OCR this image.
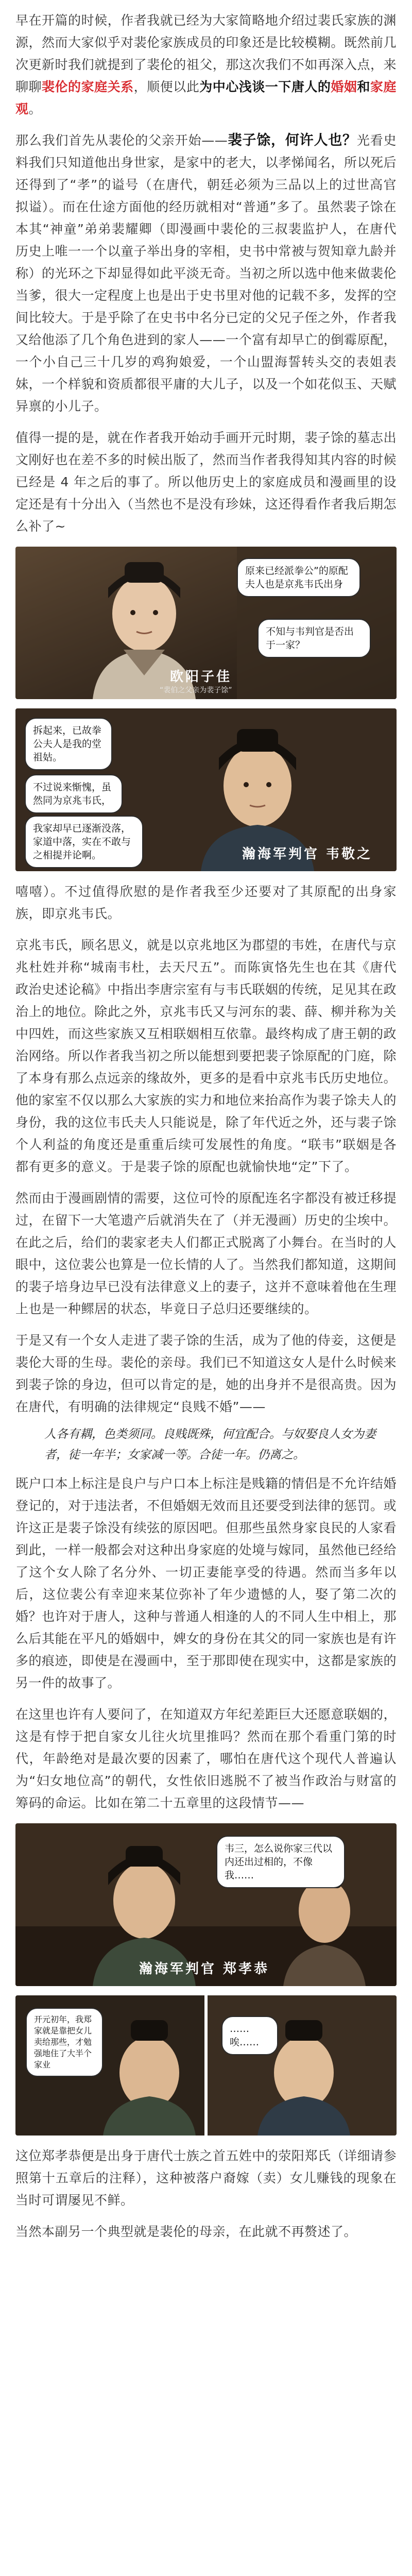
早在开篇的时候，作者我就已经为大家简略地介绍过裴氏家族的渊源，然而大家似乎对裴伦家族成员的印象还是比较模糊。既然前几次更新时我们就提到了裴伦的祖父，那这次我们不如再深入点，来聊聊裴伦的家庭关系，顺便以此为中心浅谈一下唐人的婚姻和家庭观。

那么我们首先从裴伦的父亲开始——裴子馀，何许人也？光看史料我们只知道他出身世家，是家中的老大，以孝悌闻名，所以死后还得到了“孝”的谥号（在唐代，朝廷必须为三品以上的过世高官拟谥）。而在仕途方面他的经历就相对“普通”多了。虽然裴子馀在本其“神童”弟弟裴耀卿（即漫画中裴伦的三叔裴监护人，在唐代历史上唯一一个以童子举出身的宰相，史书中常被与贺知章九龄并称）的光环之下却显得如此平淡无奇。当初之所以选中他来做裴伦当爹，很大一定程度上也是出于史书里对他的记载不多，发挥的空间比较大。于是乎除了在史书中名分已定的父兄子侄之外，作者我又给他添了几个角色进到的家人——一个富有却早亡的倒霉原配，一个小自己三十几岁的鸡狗娘爱，一个山盟海誓转头交的表姐表妹，一个样貌和资质都很平庸的大儿子，以及一个如花似玉、天赋异禀的小儿子。

值得一提的是，就在作者我开始动手画开元时期，裴子馀的墓志出文刚好也在差不多的时候出版了，然而当作者我得知其内容的时候已经是 4 年之后的事了。所以他历史上的家庭成员和漫画里的设定还是有十分出入（当然也不是没有珍妹，这还得看作者我后期怎么补了~

原来已经派拳公”的原配夫人也是京兆韦氏出身
不知与韦判官是否出于一家？
欧阳子佳
“裴伯之父亲为裴子馀”
拆起来，已故拳公夫人是我的堂祖姑。
不过说来惭愧，虽然同为京兆韦氏，
我家却早已逐渐没落，家道中落，实在不敢与之相提并论啊。	瀚海军判官 韦敬之

嘻嘻）。不过值得欣慰的是作者我至少还要对了其原配的出身家族，即京兆韦氏。

京兆韦氏，顾名思义，就是以京兆地区为郡望的韦姓，在唐代与京兆杜姓并称“城南韦杜，去天尺五”。而陈寅恪先生也在其《唐代政治史述论稿》中指出李唐宗室有与韦氏联姻的传统，足见其在政治上的地位。除此之外，京兆韦氏又与河东的裴、薛、柳并称为关中四姓，而这些家族又互相联姻相互依靠。最终构成了唐王朝的政治网络。所以作者我当初之所以能想到要把裴子馀原配的门庭，除了本身有那么点远亲的缘故外，更多的是看中京兆韦氏历史地位。他的家室不仅以那么大家族的实力和地位来抬高作为裴子馀夫人的身份，我的这位韦氏夫人只能说是，除了年代近之外，还与裴子馀个人利益的角度还是重重后续可发展性的角度。“联韦”联姻是各都有更多的意义。于是裴子馀的原配也就愉快地“定”下了。

然而由于漫画剧情的需要，这位可怜的原配连名字都没有被迁移提过，在留下一大笔遗产后就消失在了（并无漫画）历史的尘埃中。在此之后，给们的裴家老夫人们都正式脱离了小舞台。在当时的人眼中，这位裴公也算是一位长情的人了。当然我们都知道，这期间的裴子培身边早已没有法律意义上的妻子，这并不意味着他在生理上也是一种鳏居的状态，毕竟日子总归还要继续的。

于是又有一个女人走进了裴子馀的生活，成为了他的侍妾，这便是裴伦大哥的生母。裴伦的亲母。我们已不知道这女人是什么时候来到裴子馀的身边，但可以肯定的是，她的出身并不是很高贵。因为在唐代，有明确的法律规定“良贱不婚”——

人各有耦，色类须同。良贱既殊，何宜配合。与奴娶良人女为妻

者，徒一年半；女家减一等。合徒一年。仍离之。

既户口本上标注是良户与户口本上标注是贱籍的情侣是不允许结婚登记的，对于违法者，不但婚姻无效而且还要受到法律的惩罚。或许这正是裴子馀没有续弦的原因吧。但那些虽然身家良民的人家看到此，一样一般都会对这种出身家庭的处境与嫁同，虽然他已经给了这个女人除了名分外、一切正妻能享受的待遇。然而当多年以后，这位裴公有幸迎来某位弥补了年少遗憾的人，娶了第二次的婚？也许对于唐人，这种与普通人相逢的人的不同人生中相上，那么后其能在平凡的婚姻中，婢女的身份在其父的同一家族也是有许多的痕迹，即使是在漫画中，至于那即使在现实中，这都是家族的另一件的故事了。

在这里也许有人要问了，在知道双方年纪差距巨大还愿意联姻的，这是有悖于把自家女儿往火坑里推吗？然而在那个看重门第的时代，年龄绝对是最次要的因素了，哪怕在唐代这个现代人普遍认为“妇女地位高”的朝代，女性依旧逃脱不了被当作政治与财富的筹码的命运。比如在第二十五章里的这段情节——

韦三，怎么说你家三代以内还出过相的，不像我……
瀚海军判官 郑孝恭
开元初年，我郑家就是靠把女儿卖给那些，才勉强地住了大半个家业
……唉……

这位郑孝恭便是出身于唐代士族之首五姓中的荥阳郑氏（详细请参照第十五章后的注释），这种被落户裔嫁（卖）女儿赚钱的现象在当时可谓屡见不鲜。

当然本副另一个典型就是裴伦的母亲，在此就不再赘述了。
